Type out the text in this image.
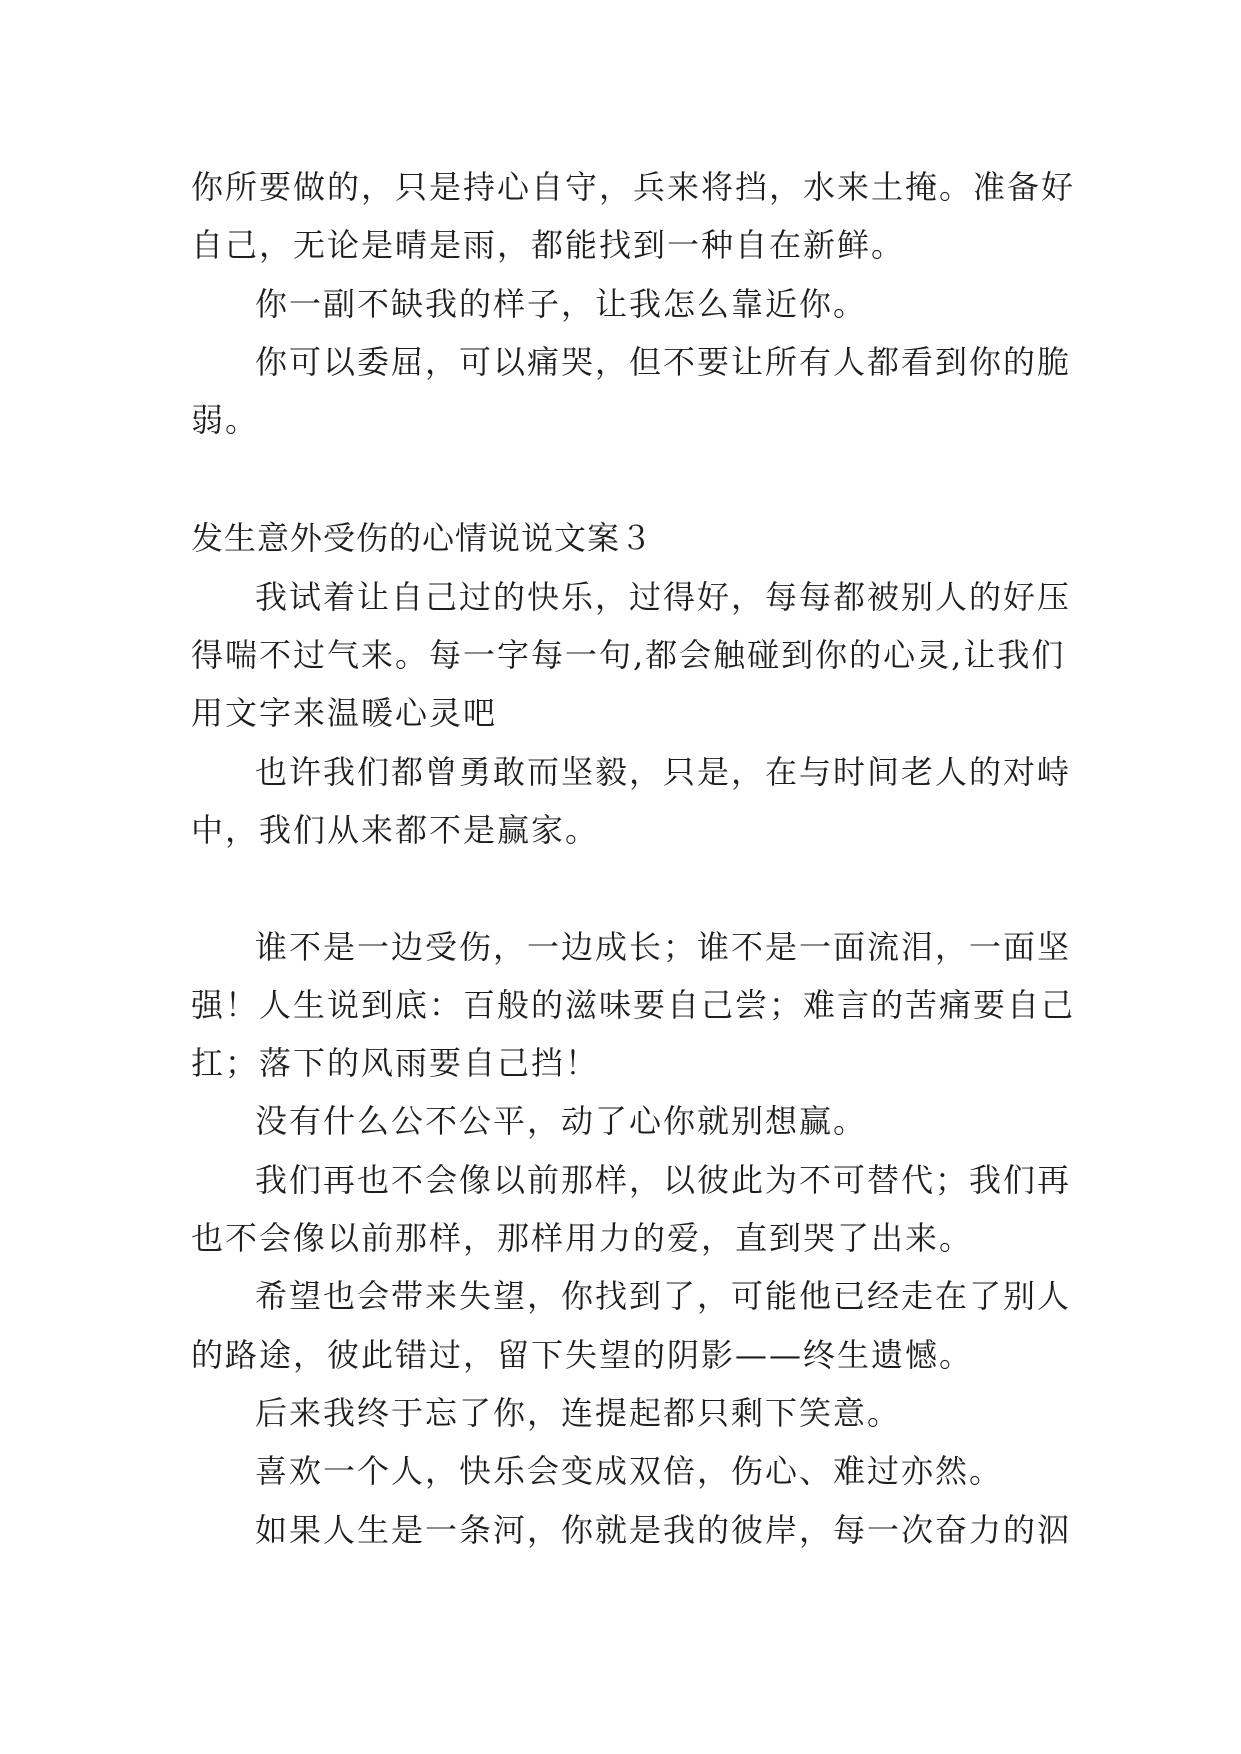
你所要做的，只是持心自守，兵来将挡，水来土掩。准备好
自己，无论是晴是雨，都能找到一种自在新鲜。
你一副不缺我的样子，让我怎么靠近你。
你可以委屈，可以痛哭，但不要让所有人都看到你的脆
弱。
发生意外受伤的心情说说文案３
我试着让自己过的快乐，过得好，每每都被别人的好压
得喘不过气来。每一字每一句,都会触碰到你的心灵,让我们
用文字来温暖心灵吧
也许我们都曾勇敢而坚毅，只是，在与时间老人的对峙
中，我们从来都不是赢家。
谁不是一边受伤，一边成长；谁不是一面流泪，一面坚
强！人生说到底：百般的滋味要自己尝；难言的苦痛要自己
扛；落下的风雨要自己挡！
没有什么公不公平，动了心你就别想赢。
我们再也不会像以前那样，以彼此为不可替代；我们再
也不会像以前那样，那样用力的爱，直到哭了出来。
希望也会带来失望，你找到了，可能他已经走在了别人
的路途，彼此错过，留下失望的阴影——终生遗憾。
后来我终于忘了你，连提起都只剩下笑意。
喜欢一个人，快乐会变成双倍，伤心、难过亦然。
如果人生是一条河，你就是我的彼岸，每一次奋力的泅
